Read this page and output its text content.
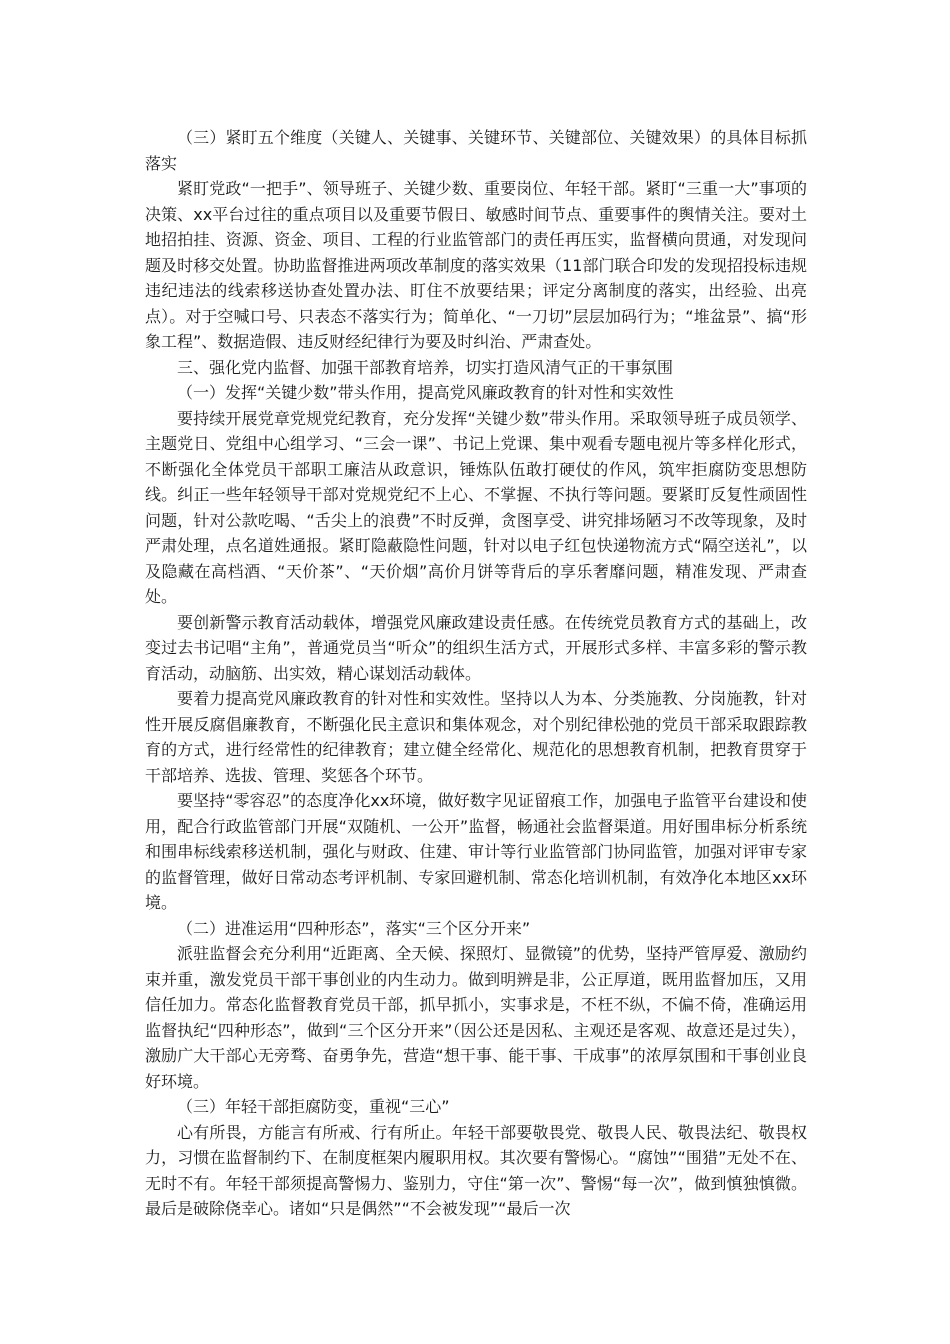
（三）紧盯五个维度（关键人、关键事、关键环节、关键部位、关键效果）的具体目标抓落实

紧盯党政“一把手”、领导班子、关键少数、重要岗位、年轻干部。紧盯“三重一大”事项的决策、xx平台过往的重点项目以及重要节假日、敏感时间节点、重要事件的舆情关注。要对土地招拍挂、资源、资金、项目、工程的行业监管部门的责任再压实，监督横向贯通，对发现问题及时移交处置。协助监督推进两项改革制度的落实效果（11部门联合印发的发现招投标违规违纪违法的线索移送协查处置办法、盯住不放要结果；评定分离制度的落实，出经验、出亮点）。对于空喊口号、只表态不落实行为；简单化、“一刀切”层层加码行为；“堆盆景”、搞“形象工程”、数据造假、违反财经纪律行为要及时纠治、严肃查处。

三、强化党内监督、加强干部教育培养，切实打造风清气正的干事氛围

（一）发挥“关键少数”带头作用，提高党风廉政教育的针对性和实效性

要持续开展党章党规党纪教育，充分发挥“关键少数”带头作用。采取领导班子成员领学、主题党日、党组中心组学习、“三会一课”、书记上党课、集中观看专题电视片等多样化形式，不断强化全体党员干部职工廉洁从政意识，锤炼队伍敢打硬仗的作风，筑牢拒腐防变思想防线。纠正一些年轻领导干部对党规党纪不上心、不掌握、不执行等问题。要紧盯反复性顽固性问题，针对公款吃喝、“舌尖上的浪费”不时反弹，贪图享受、讲究排场陋习不改等现象，及时严肃处理，点名道姓通报。紧盯隐蔽隐性问题，针对以电子红包快递物流方式“隔空送礼”，以及隐藏在高档酒、“天价茶”、“天价烟”高价月饼等背后的享乐奢靡问题，精准发现、严肃查处。

要创新警示教育活动载体，增强党风廉政建设责任感。在传统党员教育方式的基础上，改变过去书记唱“主角”，普通党员当“听众”的组织生活方式，开展形式多样、丰富多彩的警示教育活动，动脑筋、出实效，精心谋划活动载体。

要着力提高党风廉政教育的针对性和实效性。坚持以人为本、分类施教、分岗施教，针对性开展反腐倡廉教育，不断强化民主意识和集体观念，对个别纪律松弛的党员干部采取跟踪教育的方式，进行经常性的纪律教育；建立健全经常化、规范化的思想教育机制，把教育贯穿于干部培养、选拔、管理、奖惩各个环节。

要坚持“零容忍”的态度净化xx环境，做好数字见证留痕工作，加强电子监管平台建设和使用，配合行政监管部门开展“双随机、一公开”监督，畅通社会监督渠道。用好围串标分析系统和围串标线索移送机制，强化与财政、住建、审计等行业监管部门协同监管，加强对评审专家的监督管理，做好日常动态考评机制、专家回避机制、常态化培训机制，有效净化本地区xx环境。

（二）进准运用“四种形态”，落实“三个区分开来”

派驻监督会充分利用“近距离、全天候、探照灯、显微镜”的优势，坚持严管厚爱、激励约束并重，激发党员干部干事创业的内生动力。做到明辨是非，公正厚道，既用监督加压，又用信任加力。常态化监督教育党员干部，抓早抓小，实事求是，不枉不纵，不偏不倚，准确运用监督执纪“四种形态”，做到“三个区分开来”（因公还是因私、主观还是客观、故意还是过失），激励广大干部心无旁骛、奋勇争先，营造“想干事、能干事、干成事”的浓厚氛围和干事创业良好环境。

（三）年轻干部拒腐防变，重视“三心”

心有所畏，方能言有所戒、行有所止。年轻干部要敬畏党、敬畏人民、敬畏法纪、敬畏权力，习惯在监督制约下、在制度框架内履职用权。其次要有警惕心。“腐蚀”“围猎”无处不在、无时不有。年轻干部须提高警惕力、鉴别力，守住“第一次”、警惕“每一次”，做到慎独慎微。最后是破除侥幸心。诸如“只是偶然”“不会被发现”“最后一次
